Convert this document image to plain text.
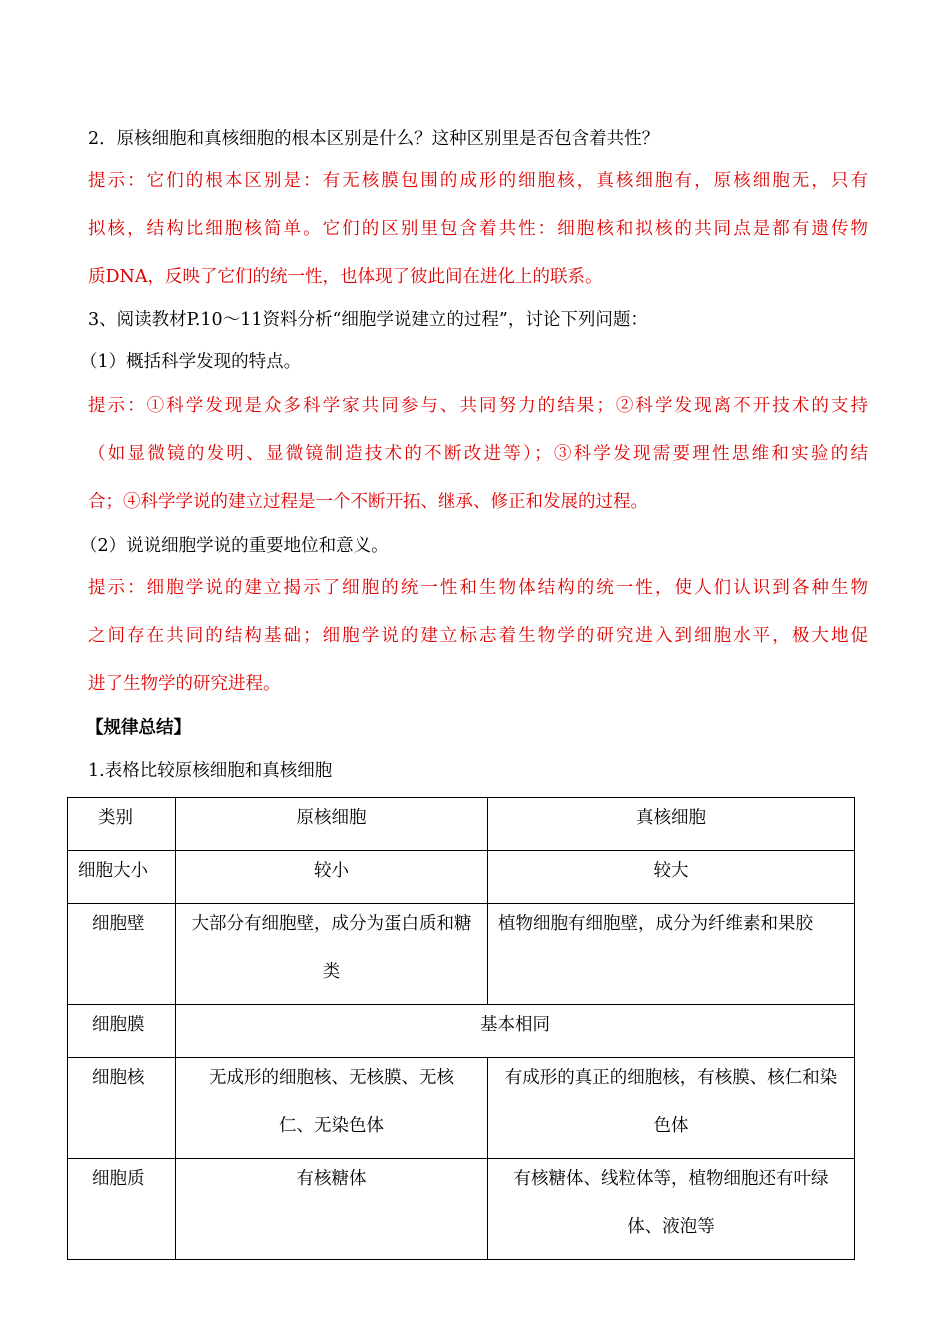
2．原核细胞和真核细胞的根本区别是什么？这种区别里是否包含着共性？
提示：它们的根本区别是：有无核膜包围的成形的细胞核，真核细胞有，原核细胞无，只有
拟核，结构比细胞核简单。它们的区别里包含着共性：细胞核和拟核的共同点是都有遗传物
质DNA，反映了它们的统一性，也体现了彼此间在进化上的联系。
3、阅读教材P.10～11资料分析“细胞学说建立的过程”，讨论下列问题：
（1）概括科学发现的特点。
提示：①科学发现是众多科学家共同参与、共同努力的结果；②科学发现离不开技术的支持
（如显微镜的发明、显微镜制造技术的不断改进等）；③科学发现需要理性思维和实验的结
合；④科学学说的建立过程是一个不断开拓、继承、修正和发展的过程。
（2）说说细胞学说的重要地位和意义。
提示：细胞学说的建立揭示了细胞的统一性和生物体结构的统一性，使人们认识到各种生物
之间存在共同的结构基础；细胞学说的建立标志着生物学的研究进入到细胞水平，极大地促
进了生物学的研究进程。
【规律总结】
1.表格比较原核细胞和真核细胞
类别	原核细胞	真核细胞

细胞大小	较小	较大

细胞壁	大部分有细胞壁，成分为蛋白质和糖类	植物细胞有细胞壁，成分为纤维素和果胶

细胞膜	基本相同	

细胞核	无成形的细胞核、无核膜、无核仁、无染色体	有成形的真正的细胞核，有核膜、核仁和染色体

细胞质	有核糖体	有核糖体、线粒体等，植物细胞还有叶绿体、液泡等
